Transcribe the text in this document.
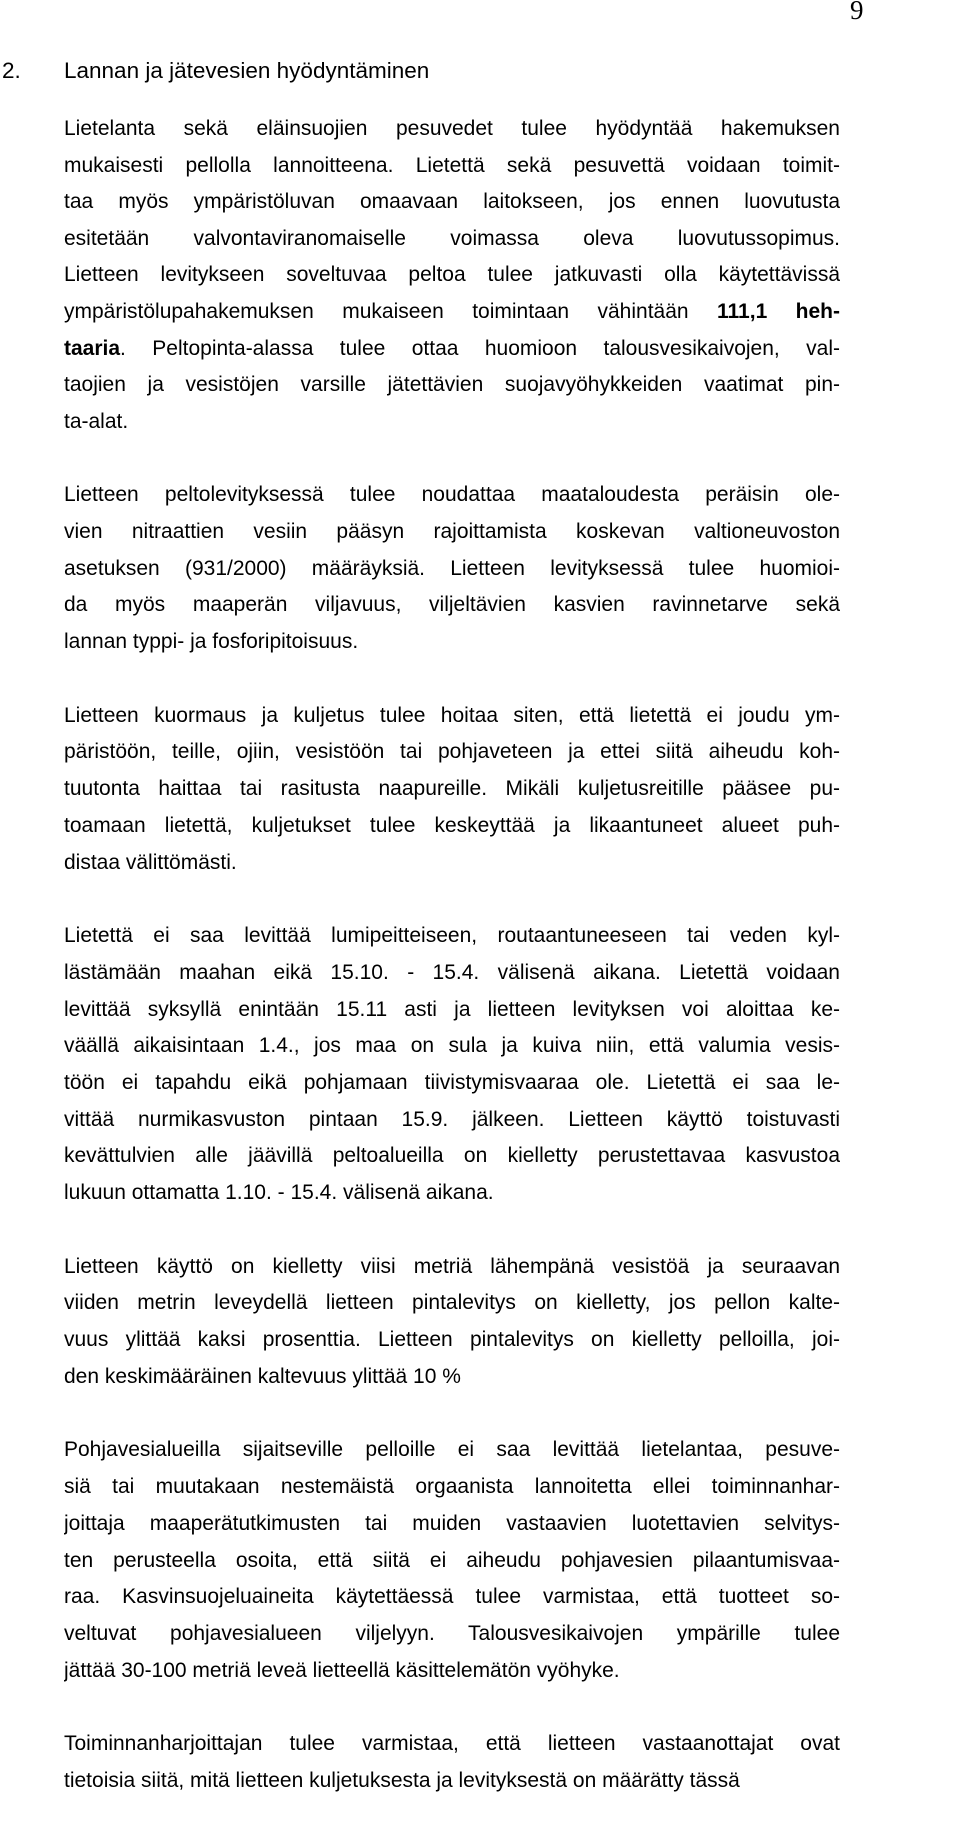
9
2. Lannan ja jätevesien hyödyntäminen
Lietelanta sekä eläinsuojien pesuvedet tulee hyödyntää hakemuksen
mukaisesti pellolla lannoitteena. Lietettä sekä pesuvettä voidaan toimit-
taa myös ympäristöluvan omaavaan laitokseen, jos ennen luovutusta
esitetään valvontaviranomaiselle voimassa oleva luovutussopimus.
Lietteen levitykseen soveltuvaa peltoa tulee jatkuvasti olla käytettävissä
ympäristölupahakemuksen mukaiseen toimintaan vähintään 111,1 heh-
taaria. Peltopinta-alassa tulee ottaa huomioon talousvesikaivojen, val-
taojien ja vesistöjen varsille jätettävien suojavyöhykkeiden vaatimat pin-
ta-alat.
Lietteen peltolevityksessä tulee noudattaa maataloudesta peräisin ole-
vien nitraattien vesiin pääsyn rajoittamista koskevan valtioneuvoston
asetuksen (931/2000) määräyksiä. Lietteen levityksessä tulee huomioi-
da myös maaperän viljavuus, viljeltävien kasvien ravinnetarve sekä
lannan typpi- ja fosforipitoisuus.
Lietteen kuormaus ja kuljetus tulee hoitaa siten, että lietettä ei joudu ym-
päristöön, teille, ojiin, vesistöön tai pohjaveteen ja ettei siitä aiheudu koh-
tuutonta haittaa tai rasitusta naapureille. Mikäli kuljetusreitille pääsee pu-
toamaan lietettä, kuljetukset tulee keskeyttää ja likaantuneet alueet puh-
distaa välittömästi.
Lietettä ei saa levittää lumipeitteiseen, routaantuneeseen tai veden kyl-
lästämään maahan eikä 15.10. - 15.4. välisenä aikana. Lietettä voidaan
levittää syksyllä enintään 15.11 asti ja lietteen levityksen voi aloittaa ke-
väällä aikaisintaan 1.4., jos maa on sula ja kuiva niin, että valumia vesis-
töön ei tapahdu eikä pohjamaan tiivistymisvaaraa ole. Lietettä ei saa le-
vittää nurmikasvuston pintaan 15.9. jälkeen. Lietteen käyttö toistuvasti
kevättulvien alle jäävillä peltoalueilla on kielletty perustettavaa kasvustoa
lukuun ottamatta 1.10. - 15.4. välisenä aikana.
Lietteen käyttö on kielletty viisi metriä lähempänä vesistöä ja seuraavan
viiden metrin leveydellä lietteen pintalevitys on kielletty, jos pellon kalte-
vuus ylittää kaksi prosenttia. Lietteen pintalevitys on kielletty pelloilla, joi-
den keskimääräinen kaltevuus ylittää 10 %
Pohjavesialueilla sijaitseville pelloille ei saa levittää lietelantaa, pesuve-
siä tai muutakaan nestemäistä orgaanista lannoitetta ellei toiminnanhar-
joittaja maaperätutkimusten tai muiden vastaavien luotettavien selvitys-
ten perusteella osoita, että siitä ei aiheudu pohjavesien pilaantumisvaa-
raa. Kasvinsuojeluaineita käytettäessä tulee varmistaa, että tuotteet so-
veltuvat pohjavesialueen viljelyyn. Talousvesikaivojen ympärille tulee
jättää 30-100 metriä leveä lietteellä käsittelemätön vyöhyke.
Toiminnanharjoittajan tulee varmistaa, että lietteen vastaanottajat ovat
tietoisia siitä, mitä lietteen kuljetuksesta ja levityksestä on määrätty tässä
